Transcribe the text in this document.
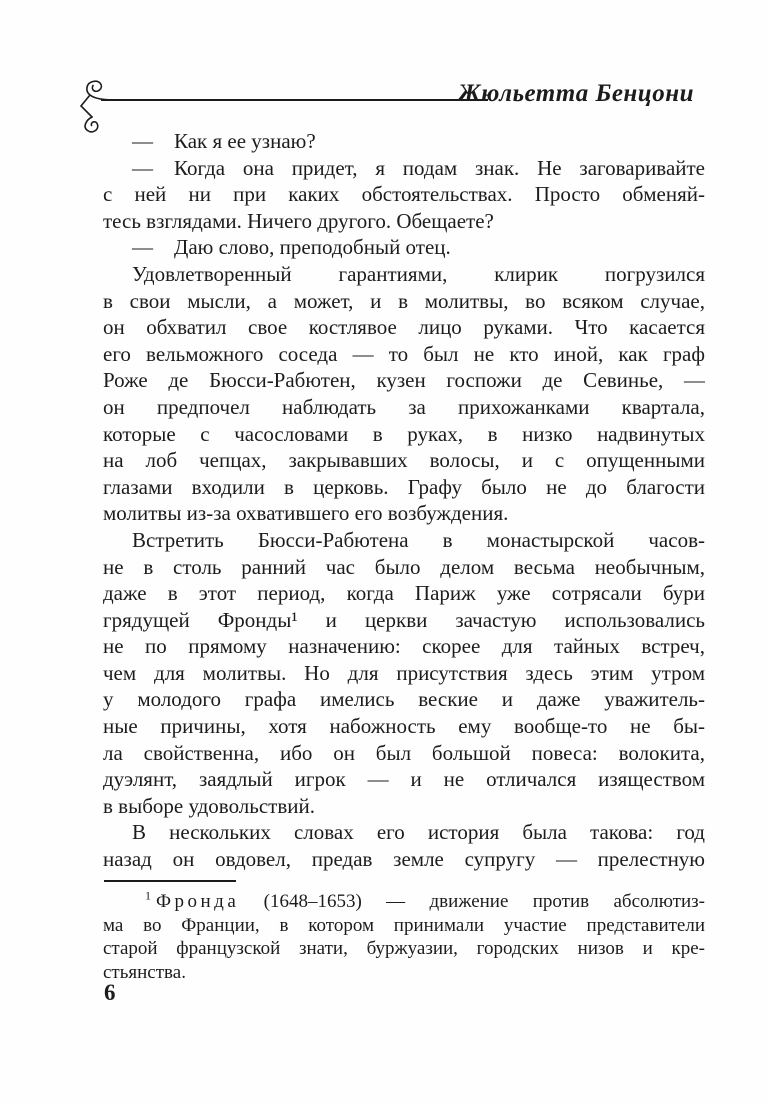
Жюльетта Бенцони
— Как я ее узнаю?
— Когда она придет, я подам знак. Не заговаривайте
с ней ни при каких обстоятельствах. Просто обменяй-
тесь взглядами. Ничего другого. Обещаете?
— Даю слово, преподобный отец.
Удовлетворенный гарантиями, клирик погрузился
в свои мысли, а может, и в молитвы, во всяком случае,
он обхватил свое костлявое лицо руками. Что касается
его вельможного соседа — то был не кто иной, как граф
Роже де Бюсси-Рабютен, кузен госпожи де Севинье, —
он предпочел наблюдать за прихожанками квартала,
которые с часословами в руках, в низко надвинутых
на лоб чепцах, закрывавших волосы, и с опущенными
глазами входили в церковь. Графу было не до благости
молитвы из-за охватившего его возбуждения.
Встретить Бюсси-Рабютена в монастырской часов-
не в столь ранний час было делом весьма необычным,
даже в этот период, когда Париж уже сотрясали бури
грядущей Фронды¹ и церкви зачастую использовались
не по прямому назначению: скорее для тайных встреч,
чем для молитвы. Но для присутствия здесь этим утром
у молодого графа имелись веские и даже уважитель-
ные причины, хотя набожность ему вообще-то не бы-
ла свойственна, ибо он был большой повеса: волокита,
дуэлянт, заядлый игрок — и не отличался изяществом
в выборе удовольствий.
В нескольких словах его история была такова: год
назад он овдовел, предав земле супругу — прелестную
$^1$ Фронда (1648–1653) — движение против абсолютиз-
ма во Франции, в котором принимали участие представители
старой французской знати, буржуазии, городских низов и кре-
стьянства.
6
